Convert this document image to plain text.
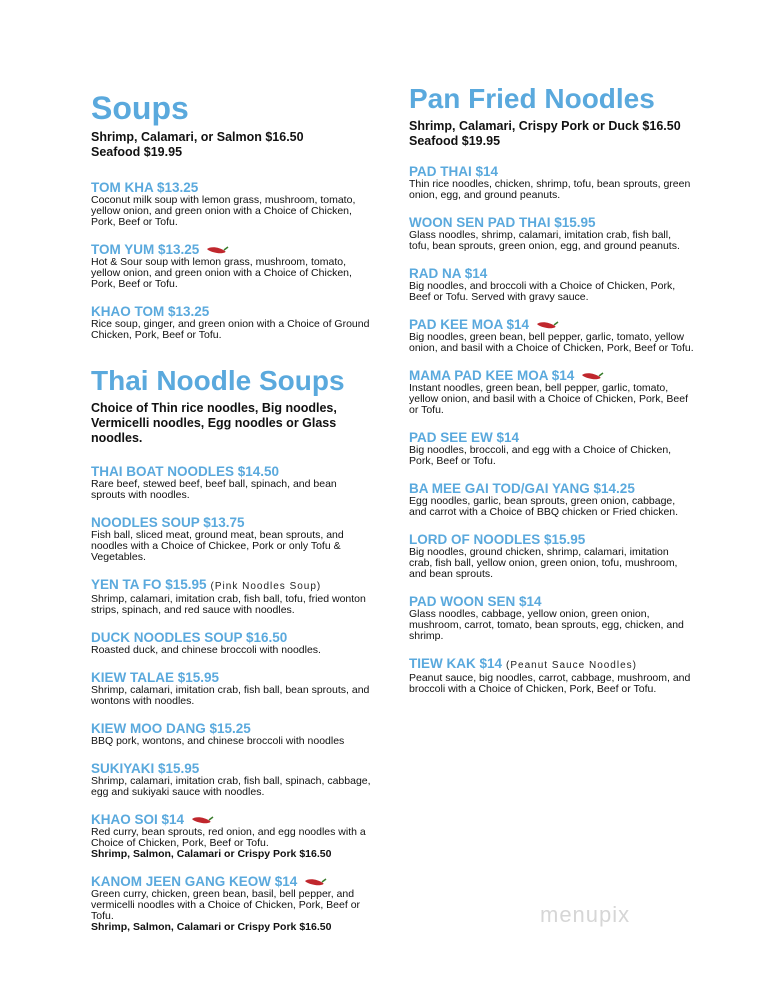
Soups
Shrimp, Calamari, or Salmon $16.50
Seafood $19.95
TOM KHA $13.25
Coconut milk soup with lemon grass, mushroom, tomato, yellow onion, and green onion with a Choice of Chicken, Pork, Beef or Tofu.
TOM YUM $13.25
Hot & Sour soup with lemon grass, mushroom, tomato, yellow onion, and green onion with a Choice of Chicken, Pork, Beef or Tofu.
KHAO TOM $13.25
Rice soup, ginger, and green onion with a Choice of Ground Chicken, Pork, Beef or Tofu.
Thai Noodle Soups
Choice of Thin rice noodles, Big noodles, Vermicelli noodles, Egg noodles or Glass noodles.
THAI BOAT NOODLES $14.50
Rare beef, stewed beef, beef ball, spinach, and bean sprouts with noodles.
NOODLES SOUP $13.75
Fish ball, sliced meat, ground meat, bean sprouts, and noodles with a Choice of Chickee, Pork or only Tofu & Vegetables.
YEN TA FO $15.95 (Pink Noodles Soup)
Shrimp, calamari, imitation crab, fish ball, tofu, fried wonton strips, spinach, and red sauce with noodles.
DUCK NOODLES SOUP $16.50
Roasted duck, and chinese broccoli with noodles.
KIEW TALAE $15.95
Shrimp, calamari, imitation crab, fish ball, bean sprouts, and wontons with noodles.
KIEW MOO DANG $15.25
BBQ pork, wontons, and chinese broccoli with noodles
SUKIYAKI $15.95
Shrimp, calamari, imitation crab, fish ball, spinach, cabbage, egg and sukiyaki sauce with noodles.
KHAO SOI $14
Red curry, bean sprouts, red onion, and egg noodles with a Choice of Chicken, Pork, Beef or Tofu.
Shrimp, Salmon, Calamari or Crispy Pork $16.50
KANOM JEEN GANG KEOW $14
Green curry, chicken, green bean, basil, bell pepper, and vermicelli noodles with a Choice of Chicken, Pork, Beef or Tofu.
Shrimp, Salmon, Calamari or Crispy Pork $16.50
Pan Fried Noodles
Shrimp, Calamari, Crispy Pork or Duck $16.50
Seafood $19.95
PAD THAI $14
Thin rice noodles, chicken, shrimp, tofu, bean sprouts, green onion, egg, and ground peanuts.
WOON SEN PAD THAI $15.95
Glass noodles, shrimp, calamari, imitation crab, fish ball, tofu, bean sprouts, green onion, egg, and ground peanuts.
RAD NA $14
Big noodles, and broccoli with a Choice of Chicken, Pork, Beef or Tofu. Served with gravy sauce.
PAD KEE MOA $14
Big noodles, green bean, bell pepper, garlic, tomato, yellow onion, and basil with a Choice of Chicken, Pork, Beef or Tofu.
MAMA PAD KEE MOA $14
Instant noodles, green bean, bell pepper, garlic, tomato, yellow onion, and basil with a Choice of Chicken, Pork, Beef or Tofu.
PAD SEE EW $14
Big noodles, broccoli, and egg with a Choice of Chicken, Pork, Beef or Tofu.
BA MEE GAI TOD/GAI YANG $14.25
Egg noodles, garlic, bean sprouts, green onion, cabbage, and carrot with a Choice of BBQ chicken or Fried chicken.
LORD OF NOODLES $15.95
Big noodles, ground chicken, shrimp, calamari, imitation crab, fish ball, yellow onion, green onion, tofu, mushroom, and bean sprouts.
PAD WOON SEN $14
Glass noodles, cabbage, yellow onion, green onion, mushroom, carrot, tomato, bean sprouts, egg, chicken, and shrimp.
TIEW KAK $14 (Peanut Sauce Noodles)
Peanut sauce, big noodles, carrot, cabbage, mushroom, and broccoli with a Choice of Chicken, Pork, Beef or Tofu.
menupix
